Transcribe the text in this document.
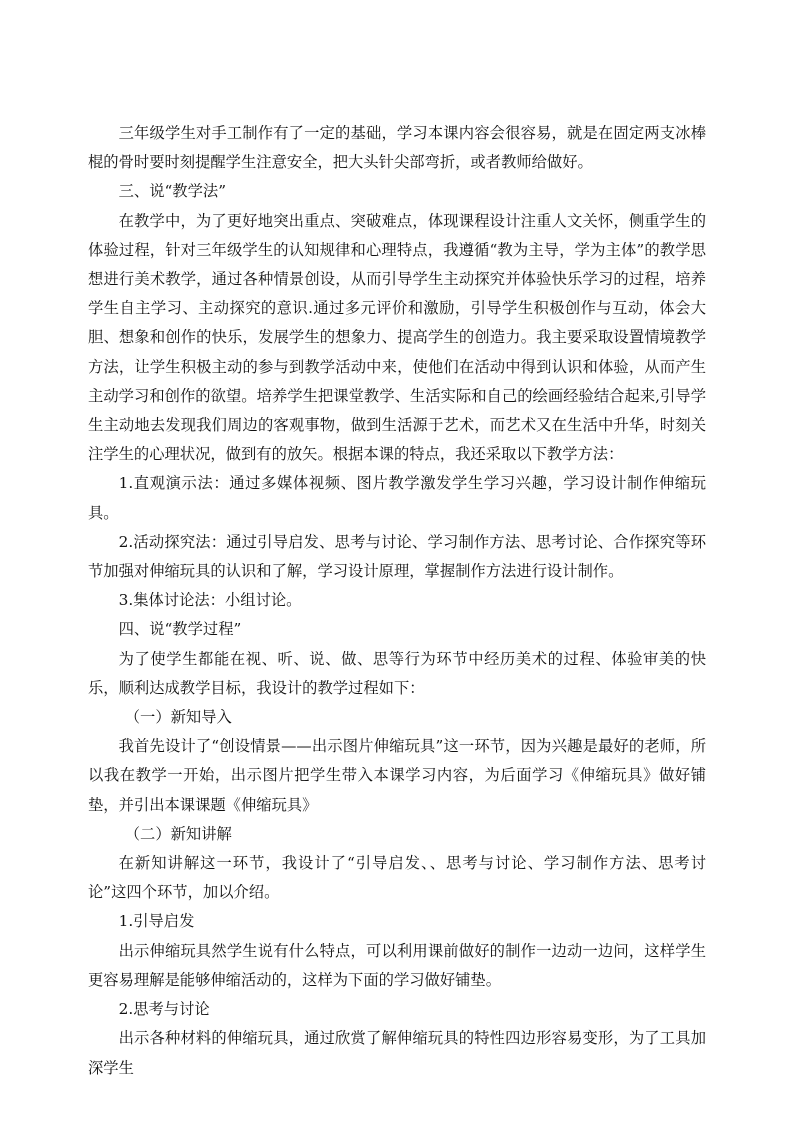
三年级学生对手工制作有了一定的基础，学习本课内容会很容易，就是在固定两支冰棒棍的骨时要时刻提醒学生注意安全，把大头针尖部弯折，或者教师给做好。

三、说“教学法”

在教学中，为了更好地突出重点、突破难点，体现课程设计注重人文关怀，侧重学生的体验过程，针对三年级学生的认知规律和心理特点，我遵循“教为主导，学为主体”的教学思想进行美术教学，通过各种情景创设，从而引导学生主动探究并体验快乐学习的过程，培养学生自主学习、主动探究的意识.通过多元评价和激励，引导学生积极创作与互动，体会大胆、想象和创作的快乐，发展学生的想象力、提高学生的创造力。我主要采取设置情境教学方法，让学生积极主动的参与到教学活动中来，使他们在活动中得到认识和体验，从而产生主动学习和创作的欲望。培养学生把课堂教学、生活实际和自己的绘画经验结合起来,引导学生主动地去发现我们周边的客观事物，做到生活源于艺术，而艺术又在生活中升华，时刻关注学生的心理状况，做到有的放矢。根据本课的特点，我还采取以下教学方法：

1.直观演示法：通过多媒体视频、图片教学激发学生学习兴趣，学习设计制作伸缩玩具。

2.活动探究法：通过引导启发、思考与讨论、学习制作方法、思考讨论、合作探究等环节加强对伸缩玩具的认识和了解，学习设计原理，掌握制作方法进行设计制作。

3.集体讨论法：小组讨论。

四、说“教学过程”

为了使学生都能在视、听、说、做、思等行为环节中经历美术的过程、体验审美的快乐，顺利达成教学目标，我设计的教学过程如下：

（一）新知导入

我首先设计了“创设情景——出示图片伸缩玩具”这一环节，因为兴趣是最好的老师，所以我在教学一开始，出示图片把学生带入本课学习内容，为后面学习《伸缩玩具》做好铺垫，并引出本课课题《伸缩玩具》

（二）新知讲解

在新知讲解这一环节，我设计了“引导启发、、思考与讨论、学习制作方法、思考讨论”这四个环节，加以介绍。

1.引导启发

出示伸缩玩具然学生说有什么特点，可以利用课前做好的制作一边动一边问，这样学生更容易理解是能够伸缩活动的，这样为下面的学习做好铺垫。

2.思考与讨论

出示各种材料的伸缩玩具，通过欣赏了解伸缩玩具的特性四边形容易变形，为了工具加深学生
